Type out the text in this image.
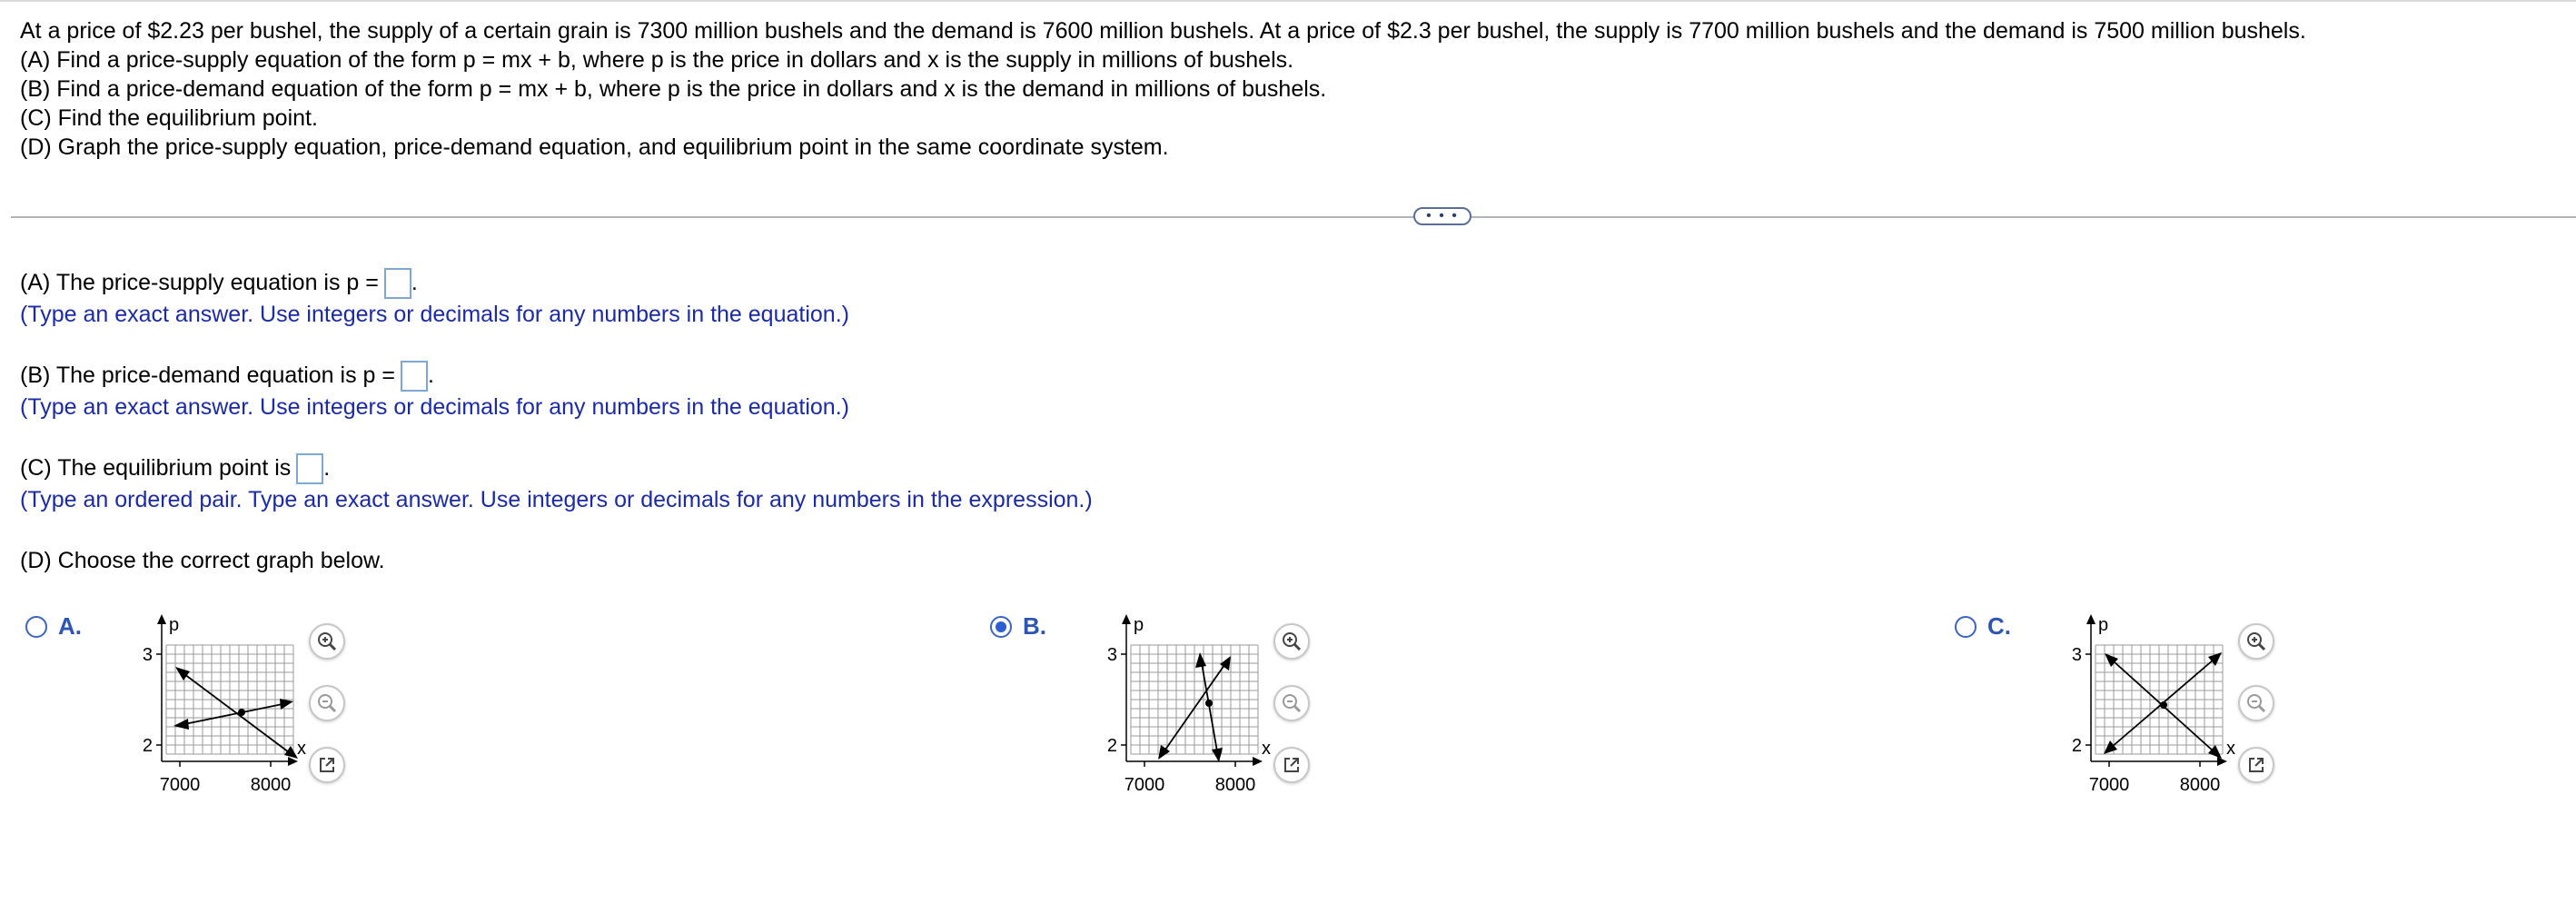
At a price of $2.23 per bushel, the supply of a certain grain is 7300 million bushels and the demand is 7600 million bushels. At a price of $2.3 per bushel, the supply is 7700 million bushels and the demand is 7500 million bushels.
(A) Find a price-supply equation of the form p = mx + b, where p is the price in dollars and x is the supply in millions of bushels.
(B) Find a price-demand equation of the form p = mx + b, where p is the price in dollars and x is the demand in millions of bushels.
(C) Find the equilibrium point.
(D) Graph the price-supply equation, price-demand equation, and equilibrium point in the same coordinate system.
• • •
(A) The price-supply equation is p = .
(Type an exact answer. Use integers or decimals for any numbers in the equation.)
(B) The price-demand equation is p = .
(Type an exact answer. Use integers or decimals for any numbers in the equation.)
(C) The equilibrium point is .
(Type an ordered pair. Type an exact answer. Use integers or decimals for any numbers in the expression.)
(D) Choose the correct graph below.
A.	p
x
3
2
7000	8000
B.	p
x
3
2
7000	8000
C.	p
x
3
2
7000	8000
